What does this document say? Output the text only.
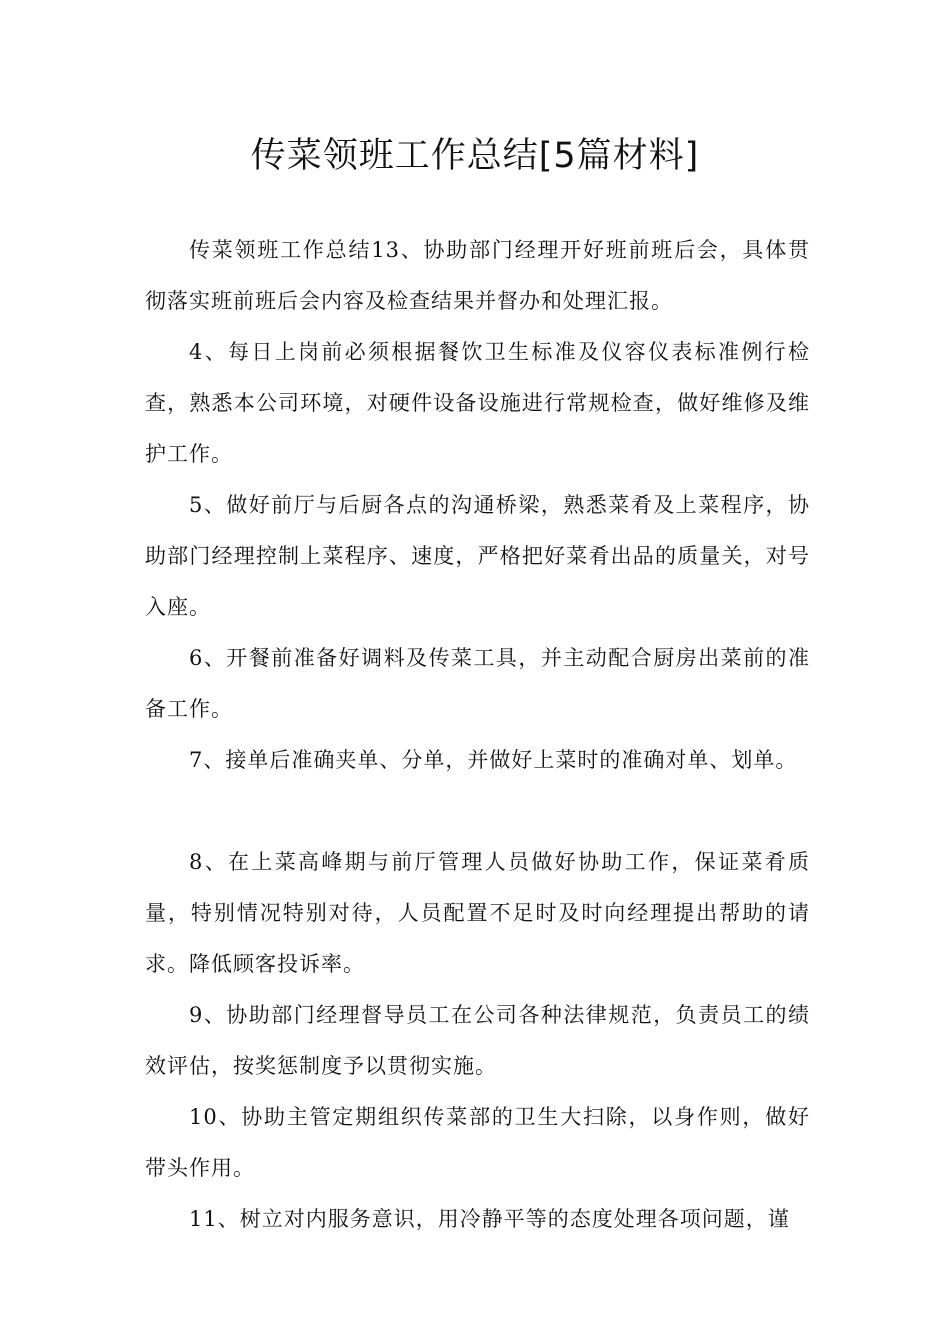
传菜领班工作总结[5篇材料]

传菜领班工作总结13、协助部门经理开好班前班后会，具体贯彻落实班前班后会内容及检查结果并督办和处理汇报。

4、每日上岗前必须根据餐饮卫生标准及仪容仪表标准例行检查，熟悉本公司环境，对硬件设备设施进行常规检查，做好维修及维护工作。

5、做好前厅与后厨各点的沟通桥梁，熟悉菜肴及上菜程序，协助部门经理控制上菜程序、速度，严格把好菜肴出品的质量关，对号入座。

6、开餐前准备好调料及传菜工具，并主动配合厨房出菜前的准备工作。

7、接单后准确夹单、分单，并做好上菜时的准确对单、划单。

8、在上菜高峰期与前厅管理人员做好协助工作，保证菜肴质量，特别情况特别对待，人员配置不足时及时向经理提出帮助的请求。降低顾客投诉率。

9、协助部门经理督导员工在公司各种法律规范，负责员工的绩效评估，按奖惩制度予以贯彻实施。

10、协助主管定期组织传菜部的卫生大扫除，以身作则，做好带头作用。

11、树立对内服务意识，用冷静平等的态度处理各项问题，谨
